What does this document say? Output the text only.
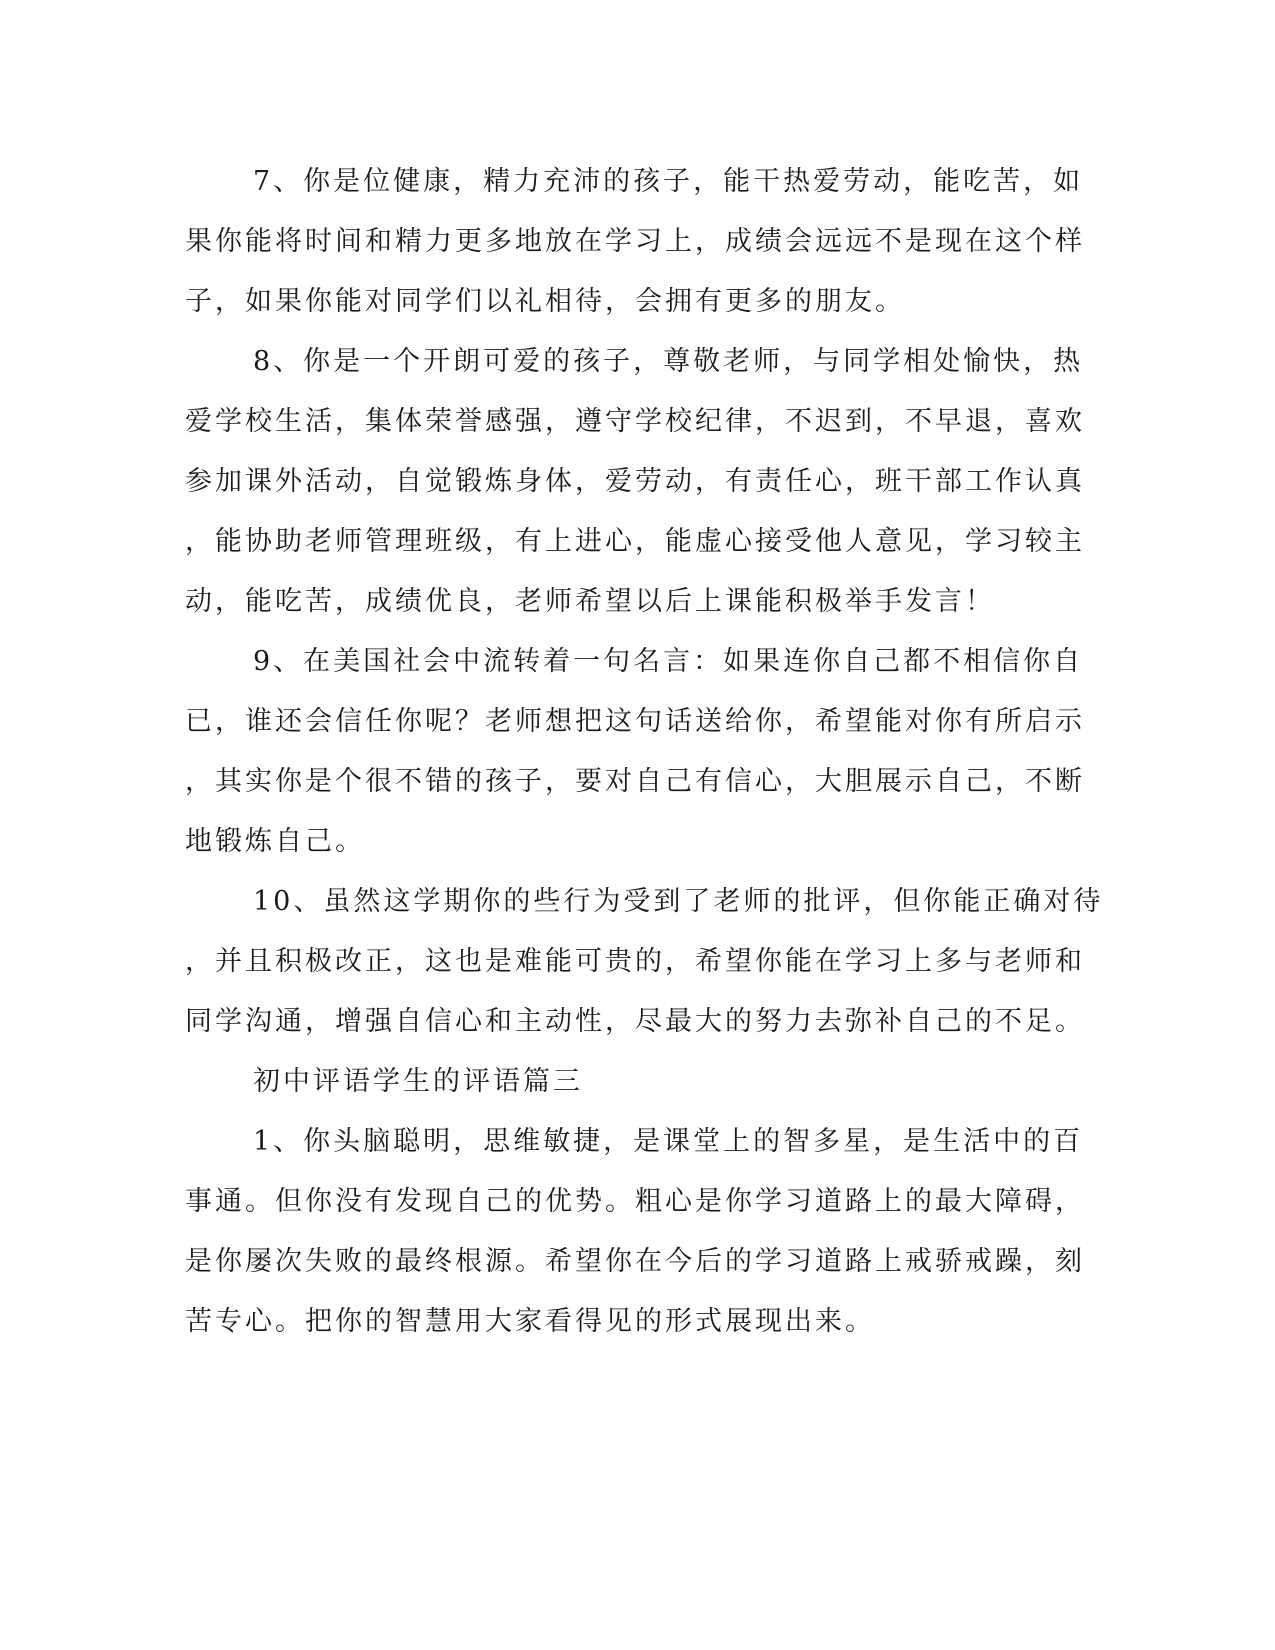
7、你是位健康，精力充沛的孩子，能干热爱劳动，能吃苦，如
果你能将时间和精力更多地放在学习上，成绩会远远不是现在这个样
子，如果你能对同学们以礼相待，会拥有更多的朋友。
8、你是一个开朗可爱的孩子，尊敬老师，与同学相处愉快，热
爱学校生活，集体荣誉感强，遵守学校纪律，不迟到，不早退，喜欢
参加课外活动，自觉锻炼身体，爱劳动，有责任心，班干部工作认真
，能协助老师管理班级，有上进心，能虚心接受他人意见，学习较主
动，能吃苦，成绩优良，老师希望以后上课能积极举手发言！
9、在美国社会中流转着一句名言：如果连你自己都不相信你自
已，谁还会信任你呢？老师想把这句话送给你，希望能对你有所启示
，其实你是个很不错的孩子，要对自己有信心，大胆展示自己，不断
地锻炼自己。
10、虽然这学期你的些行为受到了老师的批评，但你能正确对待
，并且积极改正，这也是难能可贵的，希望你能在学习上多与老师和
同学沟通，增强自信心和主动性，尽最大的努力去弥补自己的不足。
初中评语学生的评语篇三
1、你头脑聪明，思维敏捷，是课堂上的智多星，是生活中的百
事通。但你没有发现自己的优势。粗心是你学习道路上的最大障碍，
是你屡次失败的最终根源。希望你在今后的学习道路上戒骄戒躁，刻
苦专心。把你的智慧用大家看得见的形式展现出来。
